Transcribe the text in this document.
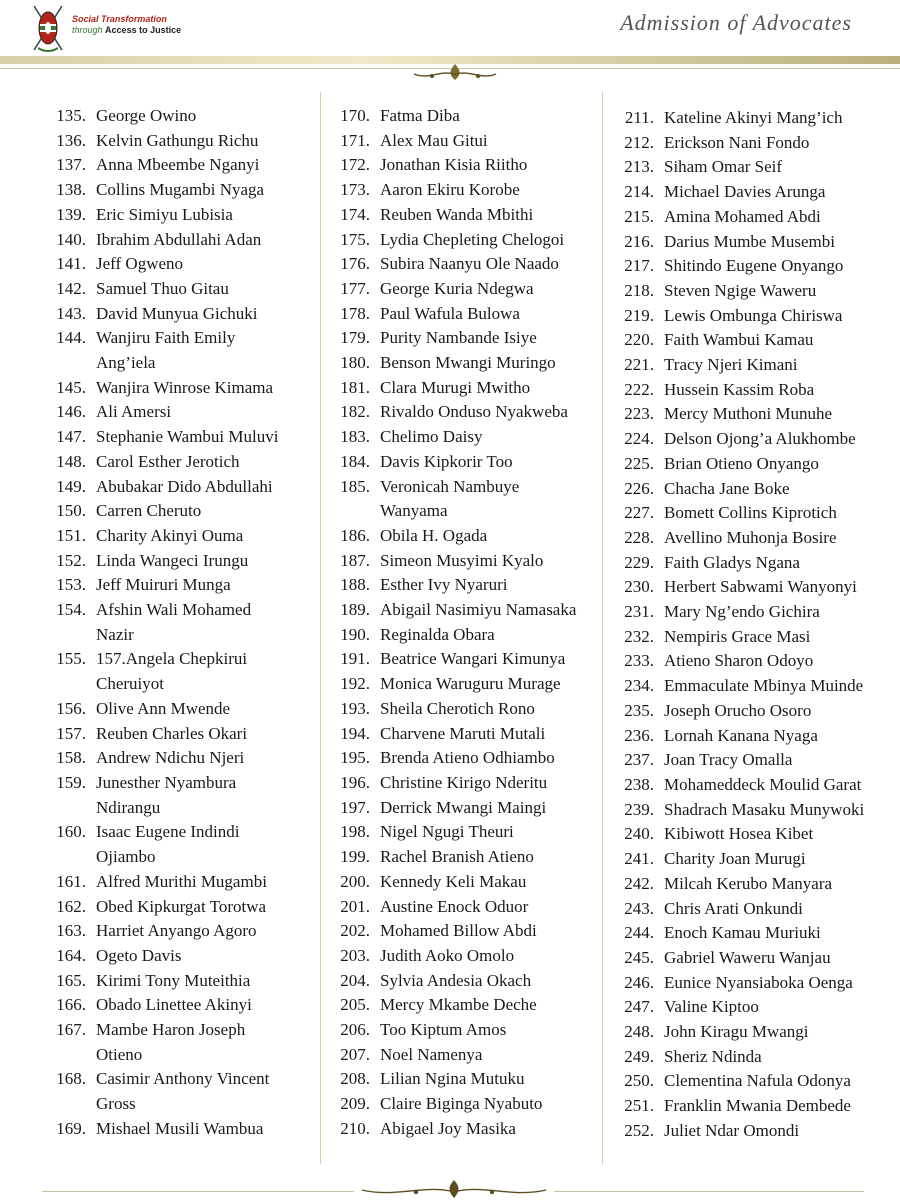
Social Transformation
through Access to Justice	Admission of Advocates
135. George Owino
136. Kelvin Gathungu Richu
137. Anna Mbeembe Nganyi
138. Collins Mugambi Nyaga
139. Eric Simiyu Lubisia
140. Ibrahim Abdullahi Adan
141. Jeff Ogweno
142. Samuel Thuo Gitau
143. David Munyua Gichuki
144. Wanjiru Faith Emily
Ang’iela
145. Wanjira Winrose Kimama
146. Ali Amersi
147. Stephanie Wambui Muluvi
148. Carol Esther Jerotich
149. Abubakar Dido Abdullahi
150. Carren Cheruto
151. Charity Akinyi Ouma
152. Linda Wangeci Irungu
153. Jeff Muiruri Munga
154. Afshin Wali Mohamed
Nazir
155. 157.Angela Chepkirui
Cheruiyot
156. Olive Ann Mwende
157. Reuben Charles Okari
158. Andrew Ndichu Njeri
159. Junesther Nyambura
Ndirangu
160. Isaac Eugene Indindi
Ojiambo
161. Alfred Murithi Mugambi
162. Obed Kipkurgat Torotwa
163. Harriet Anyango Agoro
164. Ogeto Davis
165. Kirimi Tony Muteithia
166. Obado Linettee Akinyi
167. Mambe Haron Joseph
Otieno
168. Casimir Anthony Vincent
Gross
169. Mishael Musili Wambua
170. Fatma Diba
171. Alex Mau Gitui
172. Jonathan Kisia Riitho
173. Aaron Ekiru Korobe
174. Reuben Wanda Mbithi
175. Lydia Chepleting Chelogoi
176. Subira Naanyu Ole Naado
177. George Kuria Ndegwa
178. Paul Wafula Bulowa
179. Purity Nambande Isiye
180. Benson Mwangi Muringo
181. Clara Murugi Mwitho
182. Rivaldo Onduso Nyakweba
183. Chelimo Daisy
184. Davis Kipkorir Too
185. Veronicah Nambuye
Wanyama
186. Obila H. Ogada
187. Simeon Musyimi Kyalo
188. Esther Ivy Nyaruri
189. Abigail Nasimiyu Namasaka
190. Reginalda Obara
191. Beatrice Wangari Kimunya
192. Monica Waruguru Murage
193. Sheila Cherotich Rono
194. Charvene Maruti Mutali
195. Brenda Atieno Odhiambo
196. Christine Kirigo Nderitu
197. Derrick Mwangi Maingi
198. Nigel Ngugi Theuri
199. Rachel Branish Atieno
200. Kennedy Keli Makau
201. Austine Enock Oduor
202. Mohamed Billow Abdi
203. Judith Aoko Omolo
204. Sylvia Andesia Okach
205. Mercy Mkambe Deche
206. Too Kiptum Amos
207. Noel Namenya
208. Lilian Ngina Mutuku
209. Claire Biginga Nyabuto
210. Abigael Joy Masika
211. Kateline Akinyi Mang’ich
212. Erickson Nani Fondo
213. Siham Omar Seif
214. Michael Davies Arunga
215. Amina Mohamed Abdi
216. Darius Mumbe Musembi
217. Shitindo Eugene Onyango
218. Steven Ngige Waweru
219. Lewis Ombunga Chiriswa
220. Faith Wambui Kamau
221. Tracy Njeri Kimani
222. Hussein Kassim Roba
223. Mercy Muthoni Munuhe
224. Delson Ojong’a Alukhombe
225. Brian Otieno Onyango
226. Chacha Jane Boke
227. Bomett Collins Kiprotich
228. Avellino Muhonja Bosire
229. Faith Gladys Ngana
230. Herbert Sabwami Wanyonyi
231. Mary Ng’endo Gichira
232. Nempiris Grace Masi
233. Atieno Sharon Odoyo
234. Emmaculate Mbinya Muinde
235. Joseph Orucho Osoro
236. Lornah Kanana Nyaga
237. Joan Tracy Omalla
238. Mohameddeck Moulid Garat
239. Shadrach Masaku Munywoki
240. Kibiwott Hosea Kibet
241. Charity Joan Murugi
242. Milcah Kerubo Manyara
243. Chris Arati Onkundi
244. Enoch Kamau Muriuki
245. Gabriel Waweru Wanjau
246. Eunice Nyansiaboka Oenga
247. Valine Kiptoo
248. John Kiragu Mwangi
249. Sheriz Ndinda
250. Clementina Nafula Odonya
251. Franklin Mwania Dembede
252. Juliet Ndar Omondi
